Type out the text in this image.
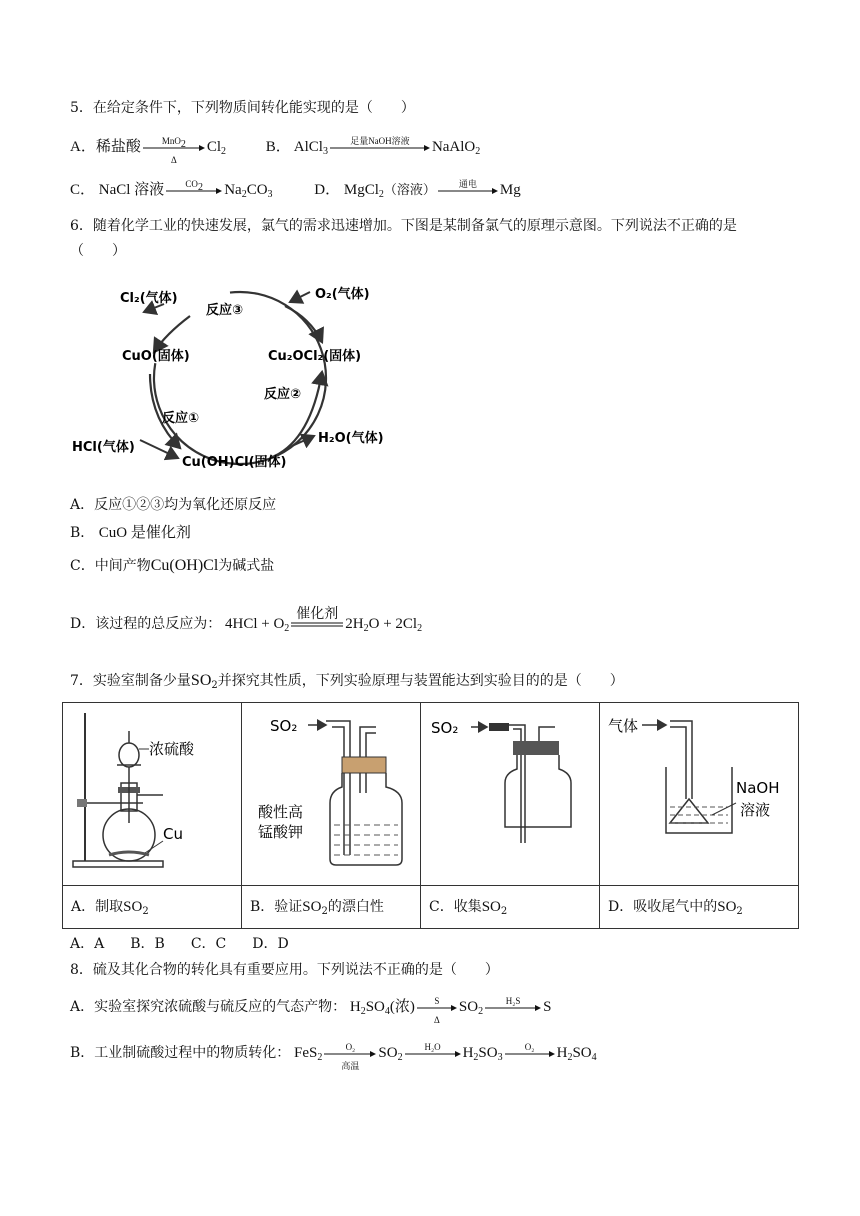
5．在给定条件下，下列物质间转化能实现的是（　　）
A．稀盐酸	MnO$_2$
Δ
$Cl_2$	B． AlCl$_3$
足量NaOH溶液	NaAlO$_2$
C． NaCl 溶液	$CO_2$	$Na_2CO_3$	D． MgCl$_2$（溶液）	通电	Mg
6．随着化学工业的快速发展，氯气的需求迅速增加。下图是某制备氯气的原理示意图。下列说法不正确的是
（　　）
Cl₂(气体)	O₂(气体)
CuO(固体)	Cu₂OCl₂(固体)
HCl(气体)
H₂O(气体)
Cu(OH)Cl(固体)
反应①
反应②
反应③
A．反应①②③均为氧化还原反应
B． CuO 是催化剂
C．中间产物Cu(OH)Cl为碱式盐
D．该过程的总反应为： $4HCl + O_2$
催化剂
$2H_2O + 2Cl_2$
7．实验室制备少量$SO_2$并探究其性质，下列实验原理与装置能达到实验目的的是（　　）
浓硫酸
Cu	SO₂
酸性高
锰酸钾	SO₂	气体
NaOH
溶液

A．制取$SO_2$	B．验证$SO_2$的漂白性	C．收集$SO_2$	D．吸收尾气中的$SO_2$
A．A B．B C．C D．D
8．硫及其化合物的转化具有重要应用。下列说法不正确的是（　　）
A．实验室探究浓硫酸与硫反应的气态产物： $H_2SO_4$(浓)	S
Δ
$SO_2$
H₂S	S
B．工业制硫酸过程中的物质转化： FeS$_2$
O₂
高温
$SO_2$
H₂O	$H_2SO_3$
O₂	$H_2SO_4$
